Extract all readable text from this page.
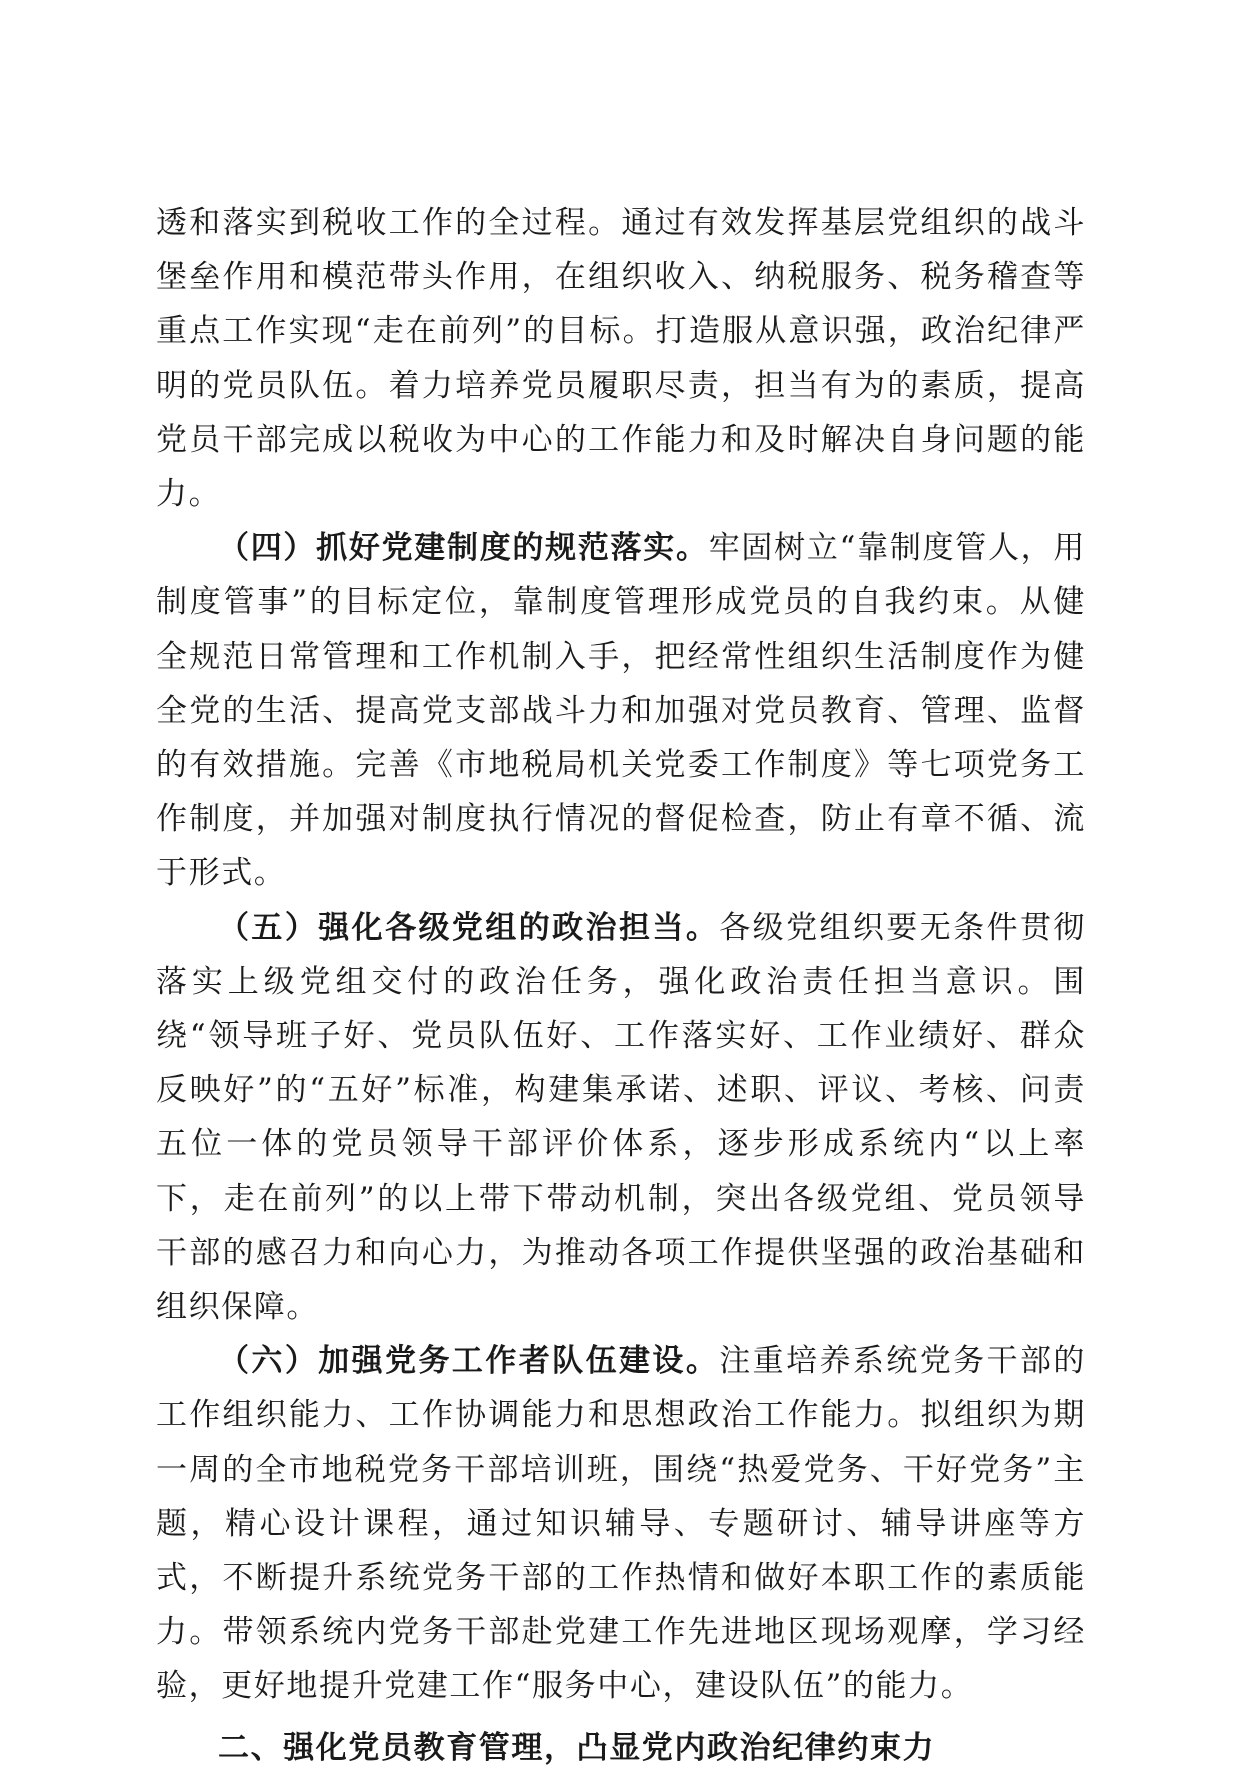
透和落实到税收工作的全过程。通过有效发挥基层党组织的战斗堡垒作用和模范带头作用，在组织收入、纳税服务、税务稽查等重点工作实现“走在前列”的目标。打造服从意识强，政治纪律严明的党员队伍。着力培养党员履职尽责，担当有为的素质，提高党员干部完成以税收为中心的工作能力和及时解决自身问题的能力。

（四）抓好党建制度的规范落实。牢固树立“靠制度管人，用制度管事”的目标定位，靠制度管理形成党员的自我约束。从健全规范日常管理和工作机制入手，把经常性组织生活制度作为健全党的生活、提高党支部战斗力和加强对党员教育、管理、监督的有效措施。完善《市地税局机关党委工作制度》等七项党务工作制度，并加强对制度执行情况的督促检查，防止有章不循、流于形式。

（五）强化各级党组的政治担当。各级党组织要无条件贯彻落实上级党组交付的政治任务，强化政治责任担当意识。围绕“领导班子好、党员队伍好、工作落实好、工作业绩好、群众反映好”的“五好”标准，构建集承诺、述职、评议、考核、问责五位一体的党员领导干部评价体系，逐步形成系统内“以上率下，走在前列”的以上带下带动机制，突出各级党组、党员领导干部的感召力和向心力，为推动各项工作提供坚强的政治基础和组织保障。

（六）加强党务工作者队伍建设。注重培养系统党务干部的工作组织能力、工作协调能力和思想政治工作能力。拟组织为期一周的全市地税党务干部培训班，围绕“热爱党务、干好党务”主题，精心设计课程，通过知识辅导、专题研讨、辅导讲座等方式，不断提升系统党务干部的工作热情和做好本职工作的素质能力。带领系统内党务干部赴党建工作先进地区现场观摩，学习经验，更好地提升党建工作“服务中心，建设队伍”的能力。

二、强化党员教育管理，凸显党内政治纪律约束力
